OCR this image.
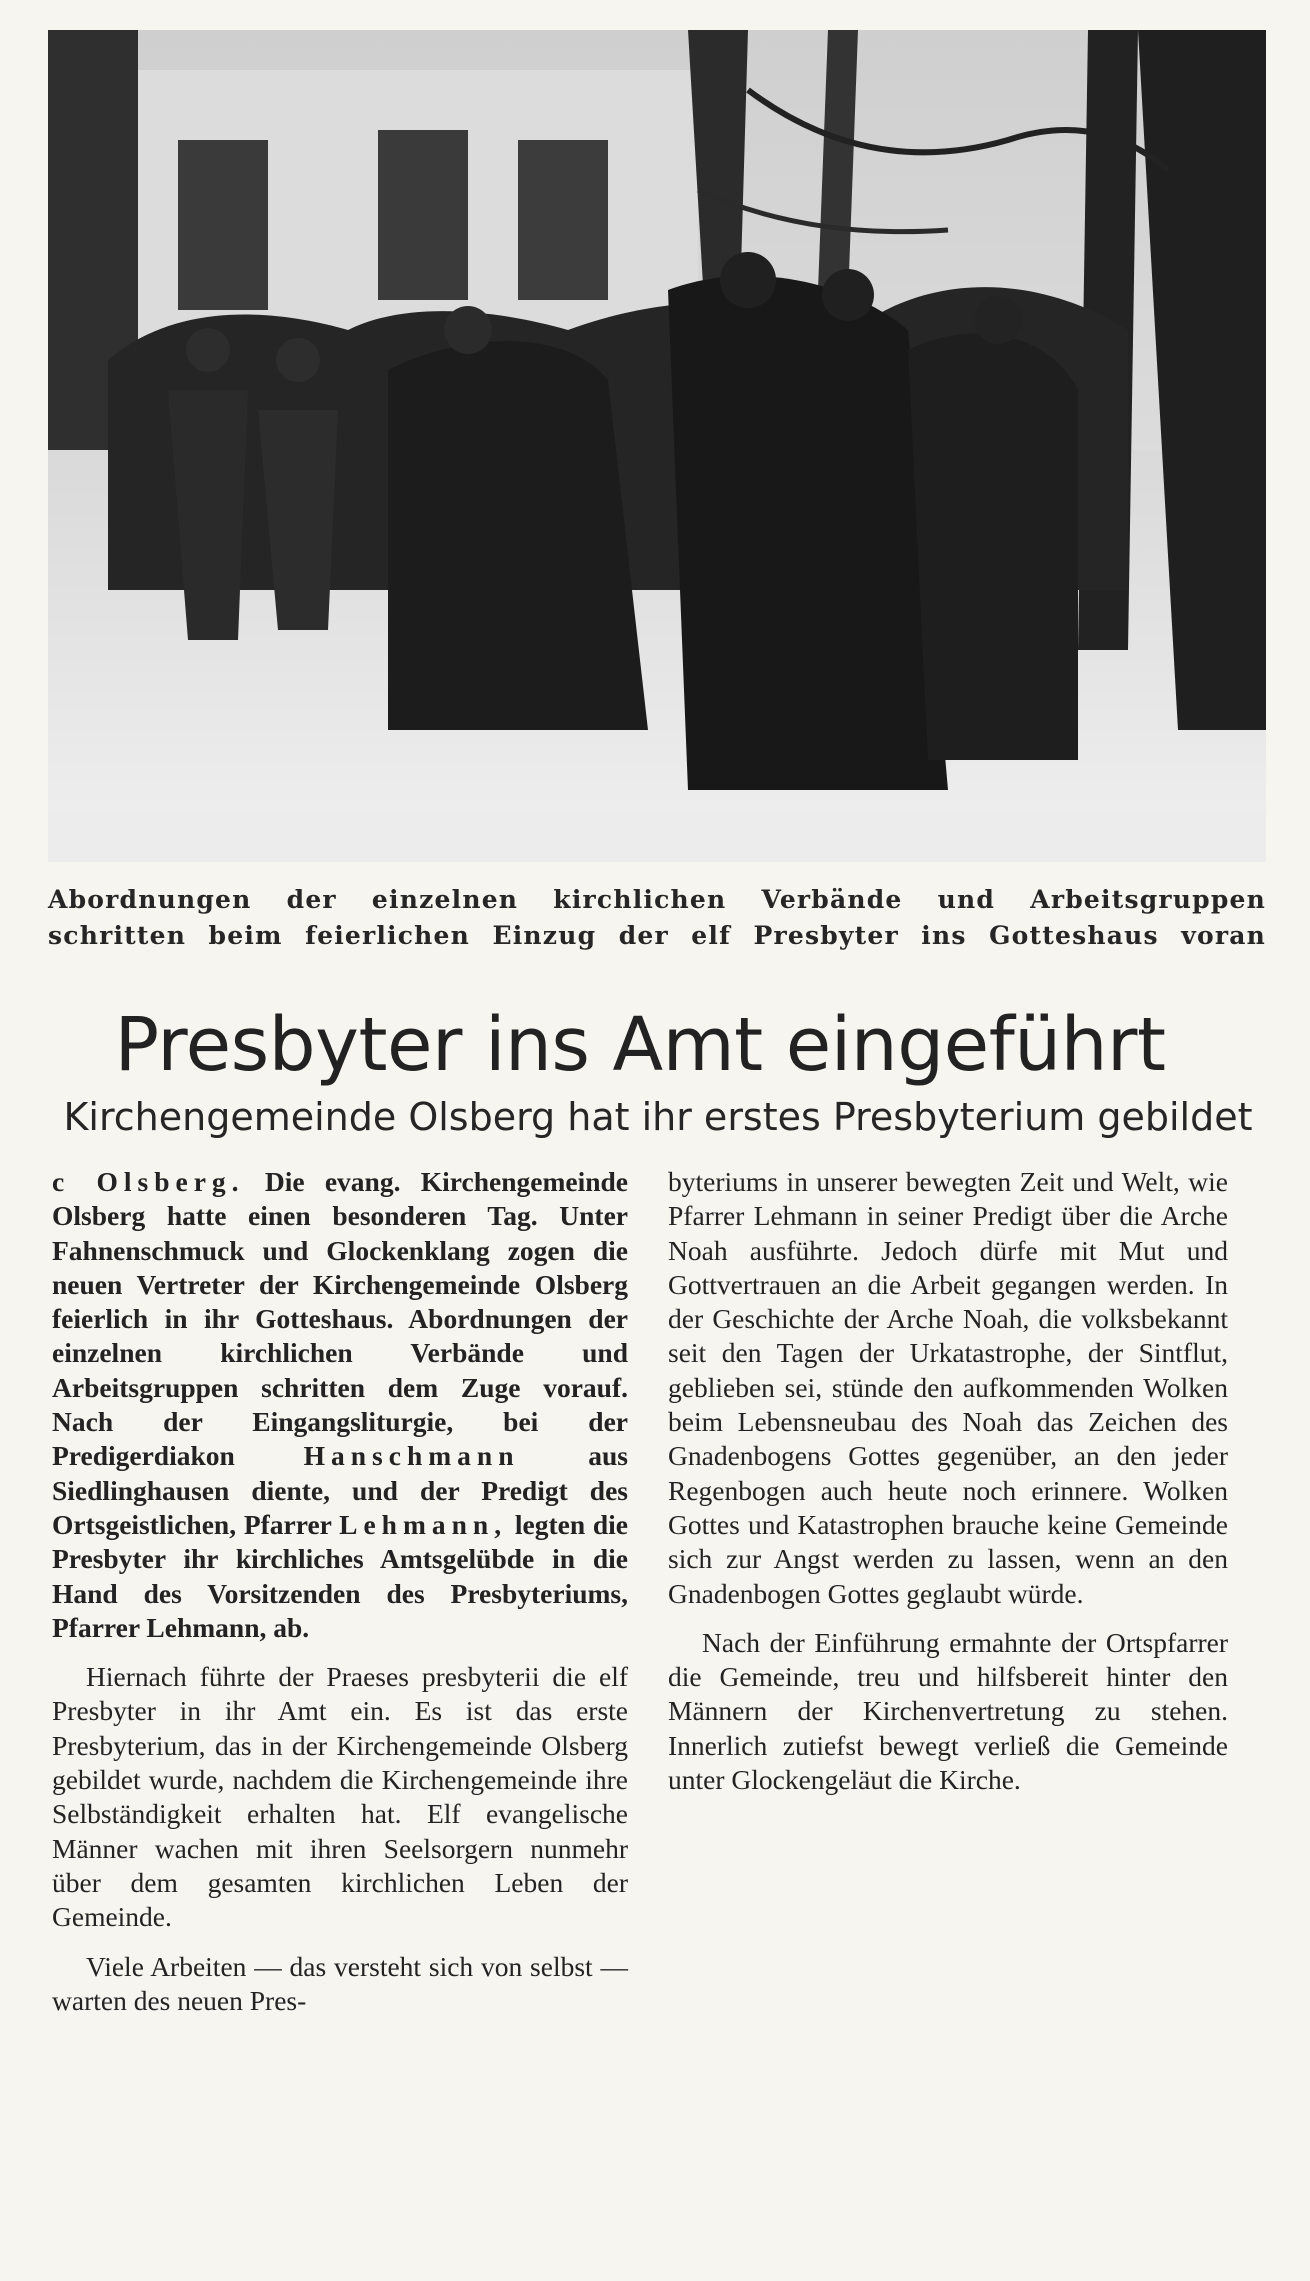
Abordnungen der einzelnen kirchlichen Verbände und Arbeitsgruppen
schritten beim feierlichen Einzug der elf Presbyter ins Gotteshaus voran
Presbyter ins Amt eingeführt
Kirchengemeinde Olsberg hat ihr erstes Presbyterium gebildet

c Olsberg. Die evang. Kirchengemeinde Olsberg hatte einen besonderen Tag. Unter Fahnenschmuck und Glockenklang zogen die neuen Vertreter der Kirchengemeinde Olsberg feierlich in ihr Gotteshaus. Abordnungen der einzelnen kirchlichen Verbände und Arbeitsgruppen schritten dem Zuge vorauf. Nach der Eingangsliturgie, bei der Predigerdiakon	Hanschmann	aus Siedlinghausen diente, und der Predigt des Ortsgeistlichen, Pfarrer Lehmann, legten die Presbyter ihr kirchliches Amtsgelübde in die Hand des Vorsitzenden des Presbyteriums, Pfarrer Lehmann, ab.

Hiernach führte der Praeses presbyterii die elf Presbyter in ihr Amt ein. Es ist das erste Presbyterium, das in der Kirchengemeinde Olsberg gebildet wurde, nachdem die Kirchengemeinde ihre Selbständigkeit erhalten hat. Elf evangelische Männer wachen mit ihren Seelsorgern nunmehr über dem gesamten kirchlichen Leben der Gemeinde.

Viele Arbeiten — das versteht sich von selbst — warten des neuen Pres-

byteriums in unserer bewegten Zeit und Welt, wie Pfarrer Lehmann in seiner Predigt über die Arche Noah ausführte. Jedoch dürfe mit Mut und Gottvertrauen an die Arbeit gegangen werden. In der Geschichte der Arche Noah, die volksbekannt seit den Tagen der Urkatastrophe, der Sintflut, geblieben sei, stünde den aufkommenden Wolken beim Lebensneubau des Noah das Zeichen des Gnadenbogens Gottes gegenüber, an den jeder Regenbogen auch heute noch erinnere. Wolken Gottes und Katastrophen brauche keine Gemeinde sich zur Angst werden zu lassen, wenn an den Gnadenbogen Gottes geglaubt würde.

Nach der Einführung ermahnte der Ortspfarrer die Gemeinde, treu und hilfsbereit hinter den Männern der Kirchenvertretung zu stehen. Innerlich zutiefst bewegt verließ die Gemeinde unter Glockengeläut die Kirche.
